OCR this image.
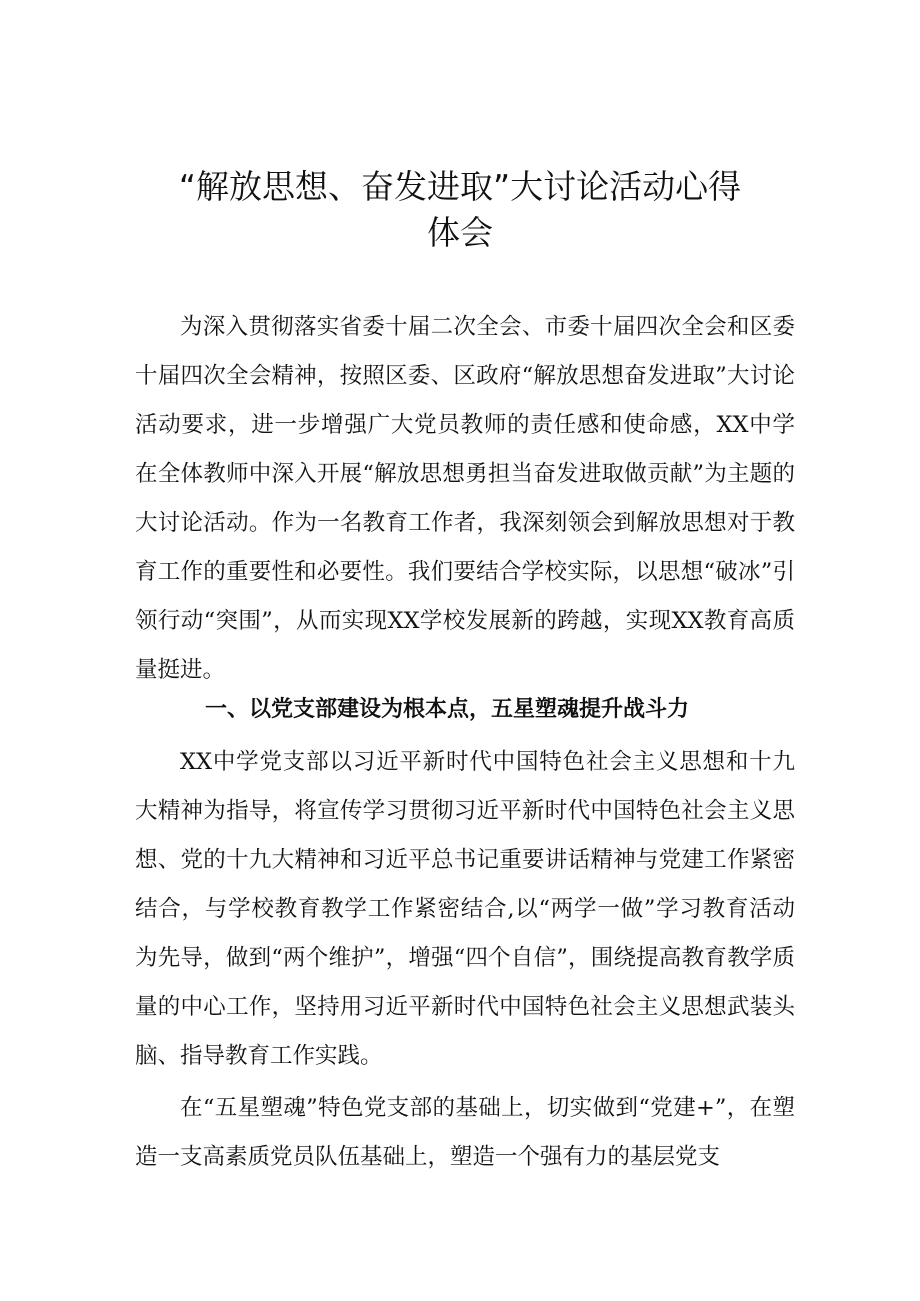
“解放思想、奋发进取”大讨论活动心得
体会

为深入贯彻落实省委十届二次全会、市委十届四次全会和区委十届四次全会精神，按照区委、区政府“解放思想奋发进取”大讨论活动要求，进一步增强广大党员教师的责任感和使命感，XX中学在全体教师中深入开展“解放思想勇担当奋发进取做贡献”为主题的大讨论活动。作为一名教育工作者，我深刻领会到解放思想对于教育工作的重要性和必要性。我们要结合学校实际，以思想“破冰”引领行动“突围”，从而实现XX学校发展新的跨越，实现XX教育高质量挺进。

一、以党支部建设为根本点，五星塑魂提升战斗力

XX中学党支部以习近平新时代中国特色社会主义思想和十九大精神为指导，将宣传学习贯彻习近平新时代中国特色社会主义思想、党的十九大精神和习近平总书记重要讲话精神与党建工作紧密结合，与学校教育教学工作紧密结合,以“两学一做”学习教育活动为先导，做到“两个维护”，增强“四个自信”，围绕提高教育教学质量的中心工作，坚持用习近平新时代中国特色社会主义思想武装头脑、指导教育工作实践。

在“五星塑魂”特色党支部的基础上，切实做到“党建+”，在塑造一支高素质党员队伍基础上，塑造一个强有力的基层党支
